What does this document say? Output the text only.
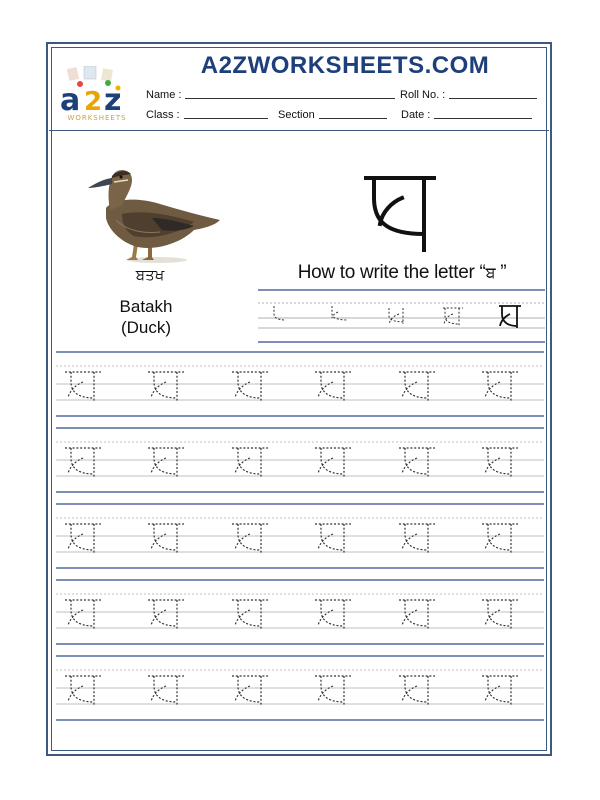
a 2 z
WORKSHEETS
A2ZWORKSHEETS.COM
Name :	Roll No. :
Class :	Section	Date :
ਬਤਖ
Batakh
(Duck)
How to write the letter “ਬ ”
